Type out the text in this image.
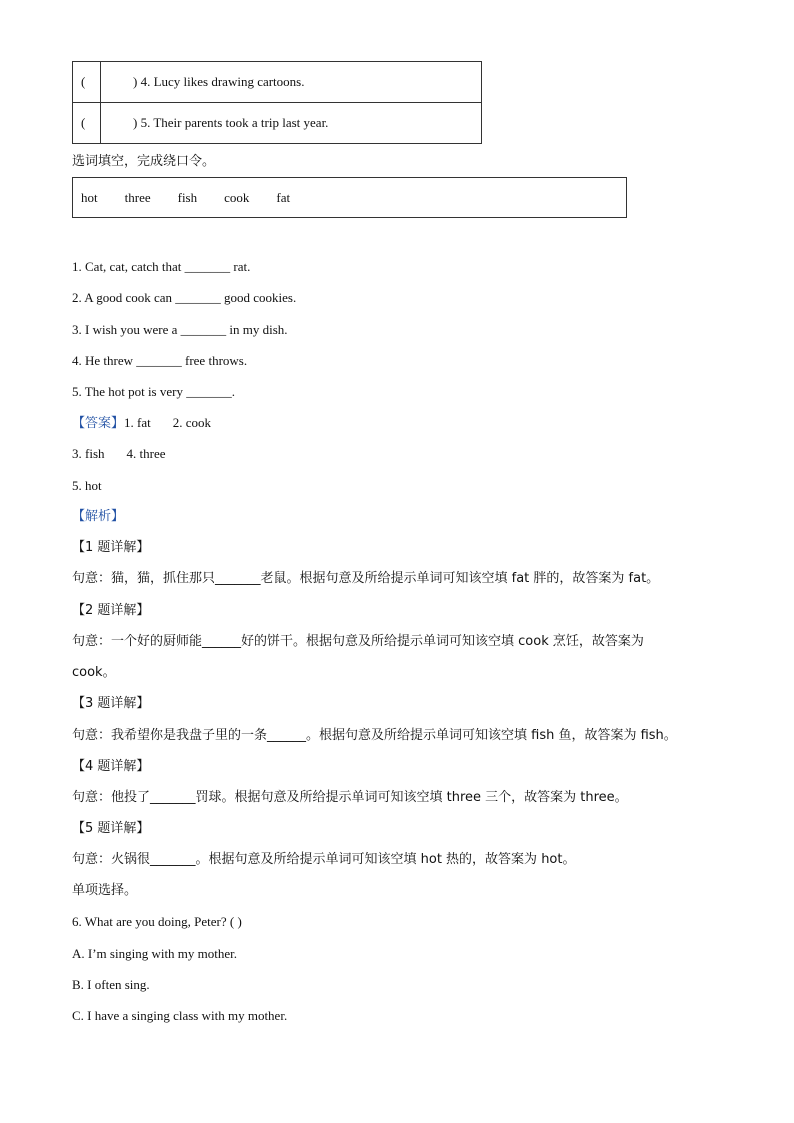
(	) 4. Lucy likes drawing cartoons.
(	) 5. Their parents took a trip last year.
选词填空，完成绕口令。
hot three fish cook fat
1. Cat, cat, catch that _______ rat.
2. A good cook can _______ good cookies.
3. I wish you were a _______ in my dish.
4. He threw _______ free throws.
5. The hot pot is very _______.
【答案】1. fat 2. cook
3. fish 4. three
5. hot
【解析】
【1 题详解】
句意：猫，猫，抓住那只_______老鼠。根据句意及所给提示单词可知该空填 fat 胖的，故答案为 fat。
【2 题详解】
句意：一个好的厨师能______好的饼干。根据句意及所给提示单词可知该空填 cook 烹饪，故答案为
cook。
【3 题详解】
句意：我希望你是我盘子里的一条______。根据句意及所给提示单词可知该空填 fish 鱼，故答案为 fish。
【4 题详解】
句意：他投了_______罚球。根据句意及所给提示单词可知该空填 three 三个，故答案为 three。
【5 题详解】
句意：火锅很_______。根据句意及所给提示单词可知该空填 hot 热的，故答案为 hot。
单项选择。
6. What are you doing, Peter? ( )
A. I’m singing with my mother.
B. I often sing.
C. I have a singing class with my mother.
